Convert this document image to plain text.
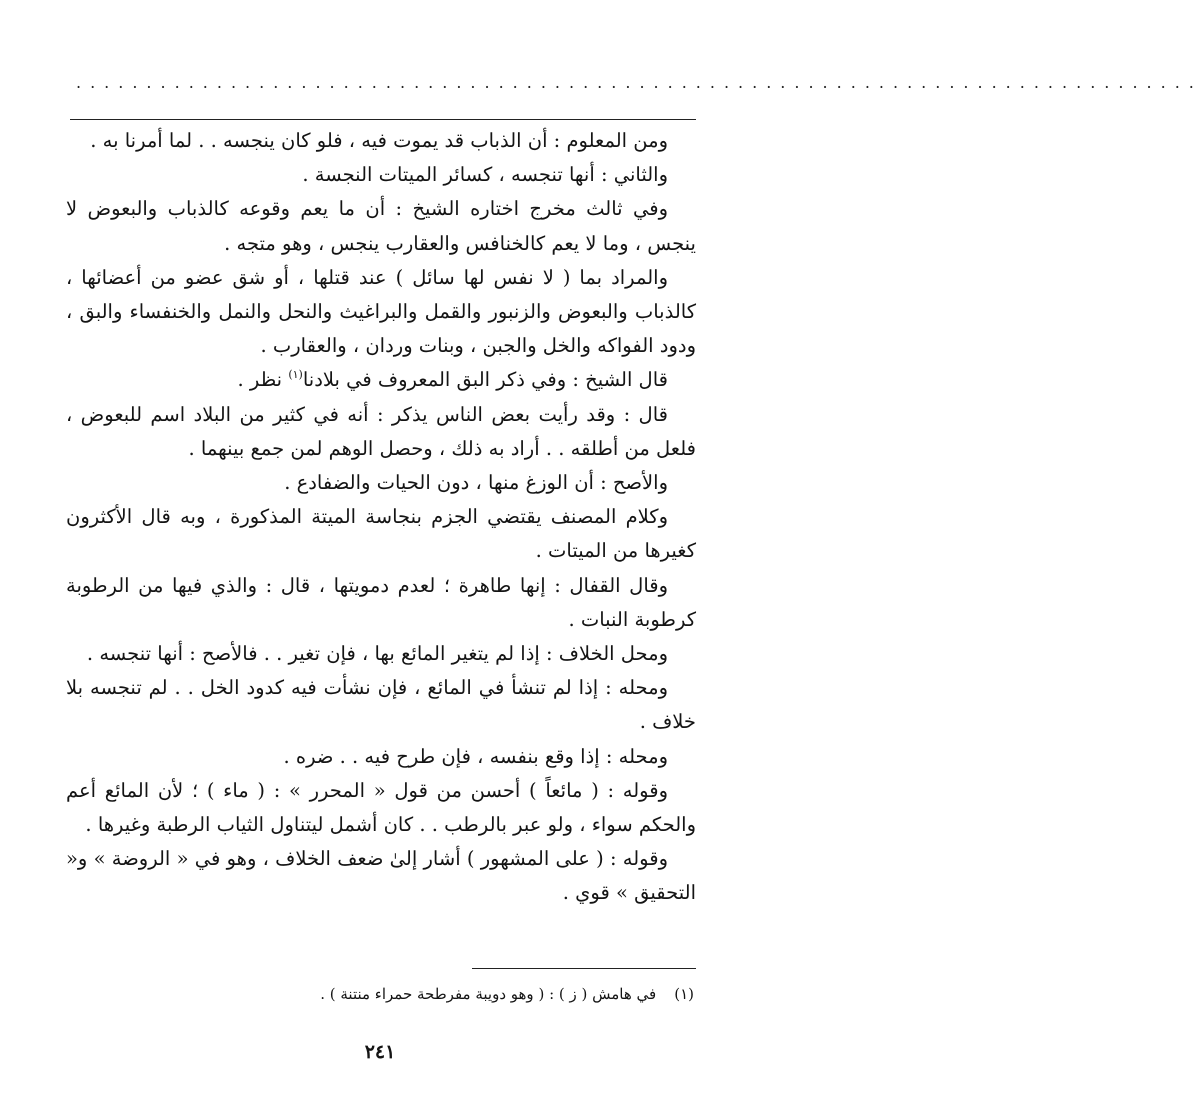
................................................................................

ومن المعلوم : أن الذباب قد يموت فيه ، فلو كان ينجسه . . لما أمرنا به .

والثاني : أنها تنجسه ، كسائر الميتات النجسة .

وفي ثالث مخرج اختاره الشيخ : أن ما يعم وقوعه كالذباب والبعوض لا ينجس ، وما لا يعم كالخنافس والعقارب ينجس ، وهو متجه .

والمراد بما ( لا نفس لها سائل ) عند قتلها ، أو شق عضو من أعضائها ، كالذباب والبعوض والزنبور والقمل والبراغيث والنحل والنمل والخنفساء والبق ، ودود الفواكه والخل والجبن ، وبنات وردان ، والعقارب .

قال الشيخ : وفي ذكر البق المعروف في بلادنا$^{(١)}$ نظر .

قال : وقد رأيت بعض الناس يذكر : أنه في كثير من البلاد اسم للبعوض ، فلعل من أطلقه . . أراد به ذلك ، وحصل الوهم لمن جمع بينهما .

والأصح : أن الوزغ منها ، دون الحيات والضفادع .

وكلام المصنف يقتضي الجزم بنجاسة الميتة المذكورة ، وبه قال الأكثرون كغيرها من الميتات .

وقال القفال : إنها طاهرة ؛ لعدم دمويتها ، قال : والذي فيها من الرطوبة كرطوبة النبات .

ومحل الخلاف : إذا لم يتغير المائع بها ، فإن تغير . . فالأصح : أنها تنجسه .

ومحله : إذا لم تنشأ في المائع ، فإن نشأت فيه كدود الخل . . لم تنجسه بلا خلاف .

ومحله : إذا وقع بنفسه ، فإن طرح فيه . . ضره .

وقوله : ( مائعاً ) أحسن من قول « المحرر » : ( ماء ) ؛ لأن المائع أعم والحكم سواء ، ولو عبر بالرطب . . كان أشمل ليتناول الثياب الرطبة وغيرها .

وقوله : ( على المشهور ) أشار إلىٰ ضعف الخلاف ، وهو في « الروضة » و« التحقيق » قوي .

(١)في هامش ( ز ) : ( وهو دويبة مفرطحة حمراء منتنة ) .
٢٤١
